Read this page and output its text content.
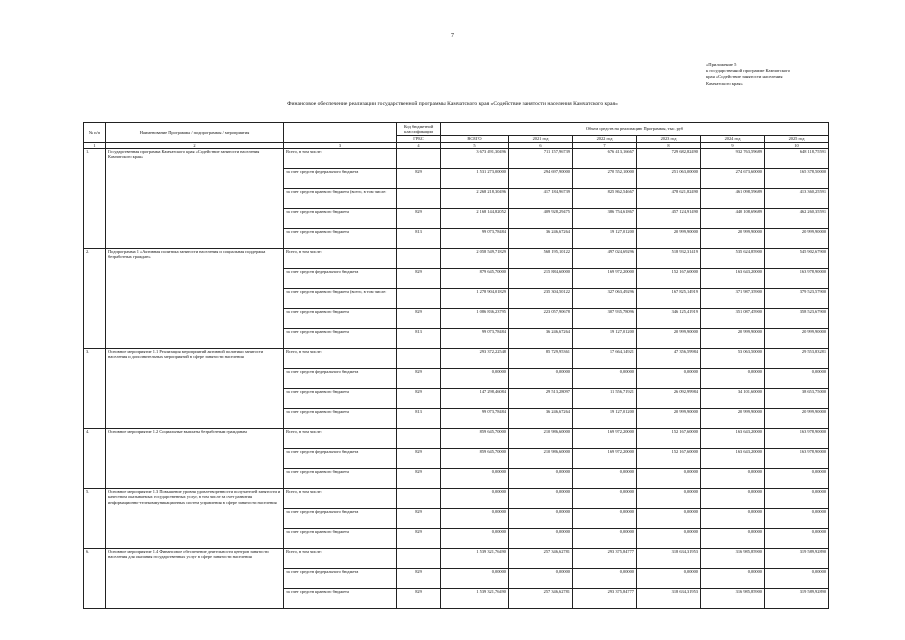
7
«Приложение 5
к государственной программе Камчатского
края «Содействие занятости населения
Камчатского края»
Финансовое обеспечение реализации государственной программы Камчатского края «Содействие занятости населения Камчатского края»
№ п/п	Наименование Программы / подпрограммы / мероприятия		Код бюджетной классификации	Объем средств на реализацию Программы, тыс. руб					
			ГРБС	ВСЕГО	2021 год	2022 год	2023 год	2024 год	2025 год
1	2	3	4	5	6	7	8	9	10
1.	Государственная программа Камчатского края «Содействие занятости населения Камчатского края»	Всего, в том числе:		3 673 491,30496	711 157,96739	676 413,16667	729 682,82490	932 763,59689	648 118,75591
		за счет средств федерального бюджета	829	1 531 273,00000	294 697,90000	270 552,10000	251 063,00000	274 673,60000	165 378,50000
		за счет средств краевого бюджета (всего, в том числе:		2 268 218,30496	417 184,96739	825 862,54667	478 621,82490	461 098,59689	413 360,25591
		за счет средств краевого бюджета	829	2 168 144,82052	409 928,29475	386 754,61867	457 124,91490	440 108,69689	462 260,35591
		за счет средств краевого бюджета	813	99 073,78484	36 246,67264	19 127,01200	20 999,90000	20 999,90000	20 999,90000
2.	Подпрограмма 1 «Активная политика занятости населения и социальная поддержка безработных граждан»	Всего, в том числе:		2 058 549,71829	568 195,10122	497 024,69296	518 932,31419	535 624,85900	545 902,67900
		за счет средств федерального бюджета	829	879 645,70000	215 884,60000	169 972,20000	152 167,60000	163 643,20000	163 978,90000
		за счет средств краевого бюджета (всего, в том числе:		1 278 904,01829	235 304,50122	327 063,49296	167 825,14919	371 987,35900	379 523,57900
		за счет средств краевого бюджета	829	1 086 836,23795	223 057,90678	307 935,78096	346 125,41919	351 087,45900	358 523,67900
		за счет средств краевого бюджета	813	99 073,78484	36 246,67264	19 127,01200	20 999,90000	20 999,90000	20 999,90000
3.	Основное мероприятие 1.1 Реализация мероприятий активной политики занятости населения и дополнительных мероприятий в сфере занятости населения	Всего, в том числе:		293 372,22548	85 729,95361	17 664,14921	47 356,59984	53 063,50000	29 553,83281
		за счет средств федерального бюджета	829	0,00000	0,00000	0,00000	0,00000	0,00000	0,00000
		за счет средств краевого бюджета	829	147 298,46084	29 513,28097	11 556,71921	26 092,99984	34 101,60000	38 653,75000
		за счет средств краевого бюджета	813	99 073,78484	36 246,67264	19 127,01200	20 999,90000	20 999,90000	20 999,90000
4.	Основное мероприятие 1.2 Социальные выплаты безработным гражданам	Всего, в том числе:		859 645,70000	210 986,60000	169 972,20000	152 167,60000	163 643,20000	163 978,90000
		за счет средств федерального бюджета	829	859 645,70000	210 986,60000	169 972,20000	152 167,60000	163 643,20000	163 978,90000
		за счет средств краевого бюджета	829	0,00000	0,00000	0,00000	0,00000	0,00000	0,00000
5.	Основное мероприятие 1.3 Повышение уровня удовлетворенности получателей занятости и качеством оказываемых государственных услуг, в том числе за счет развития информационно-телекоммуникационных систем управления в сфере занятости населения	Всего, в том числе:		0,00000	0,00000	0,00000	0,00000	0,00000	0,00000
		за счет средств федерального бюджета	829	0,00000	0,00000	0,00000	0,00000	0,00000	0,00000
		за счет средств краевого бюджета	829	0,00000	0,00000	0,00000	0,00000	0,00000	0,00000
6.	Основное мероприятие 1.4 Финансовое обеспечение деятельности центров занятости населения для оказания государственных услуг в сфере занятости населения	Всего, в том числе:		1 539 321,76490	257 346,62781	293 375,84777	318 634,31953	316 985,85900	319 589,92890
		за счет средств федерального бюджета	829	0,00000	0,00000	0,00000	0,00000	0,00000	0,00000
		за счет средств краевого бюджета	829	1 539 321,76490	257 346,62781	293 375,84777	318 634,31953	316 985,85900	319 589,92890
